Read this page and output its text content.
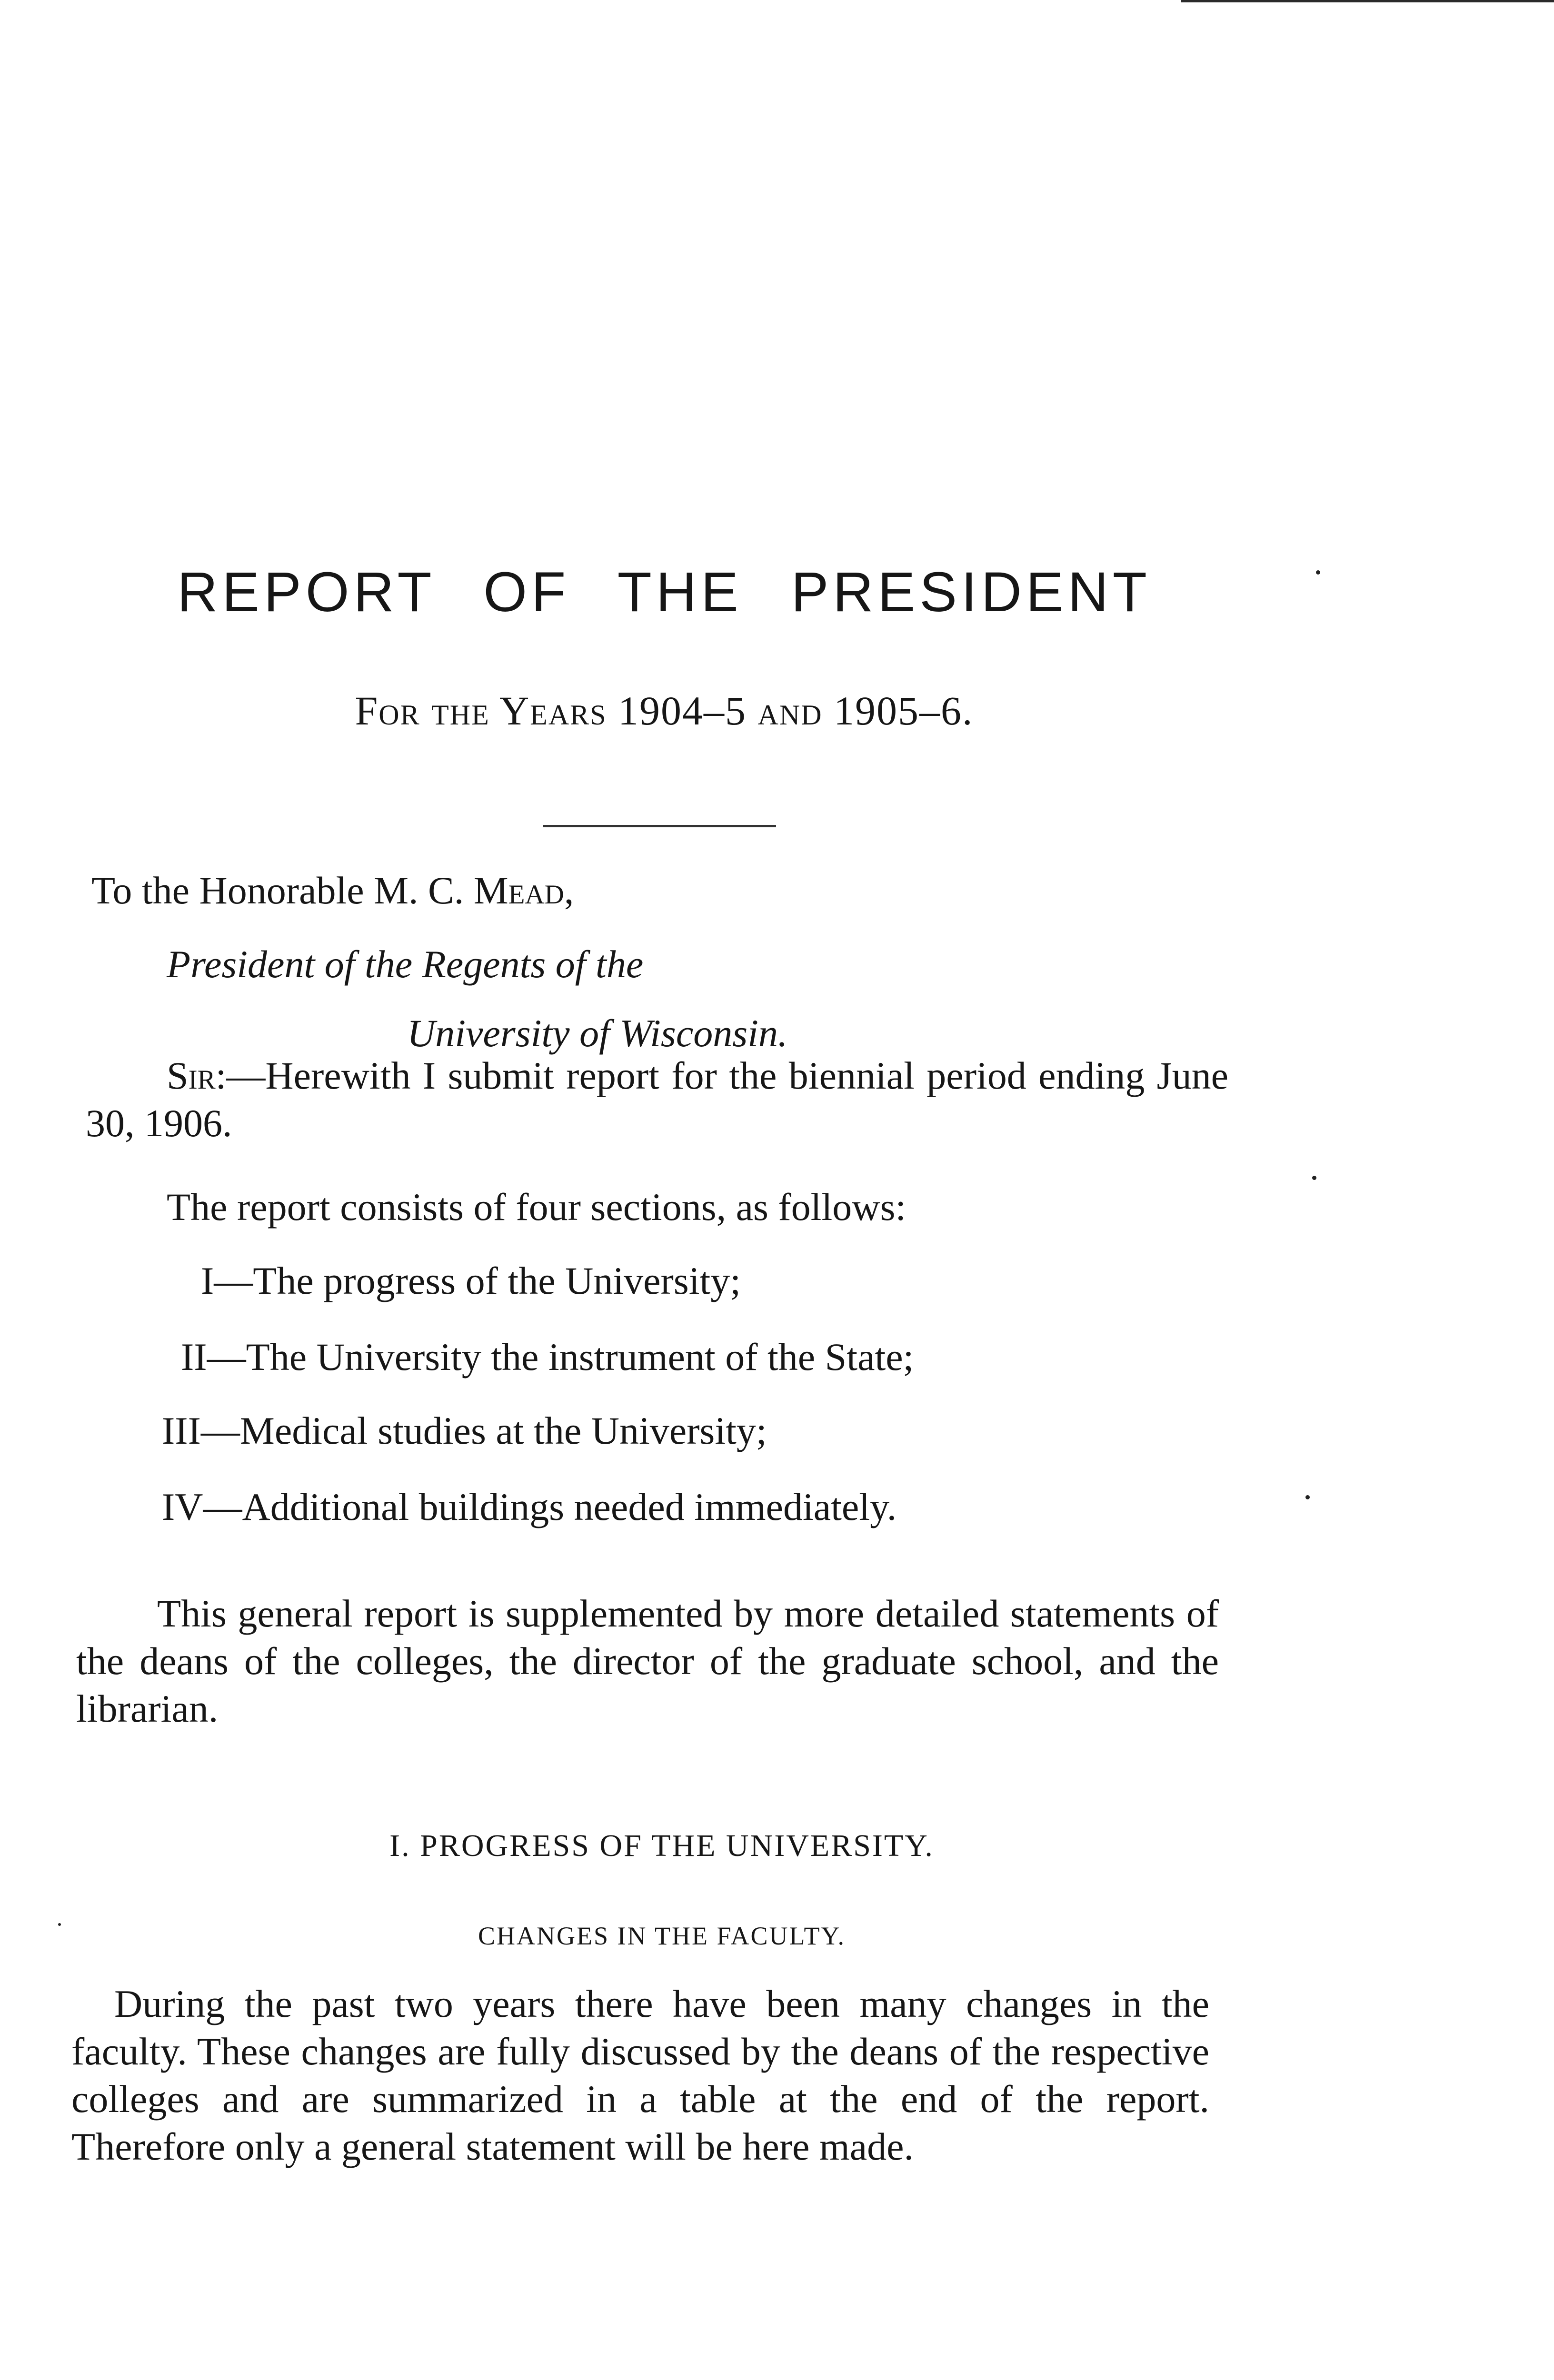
REPORT OF THE PRESIDENT
For the Years 1904–5 and 1905–6.
To the Honorable M. C. Mead,
President of the Regents of the
University of Wisconsin.
Sir:—Herewith I submit report for the biennial period ending June 30, 1906.
The report consists of four sections, as follows:
I—The progress of the University;
II—The University the instrument of the State;
III—Medical studies at the University;
IV—Additional buildings needed immediately.
This general report is supplemented by more detailed statements of the deans of the colleges, the director of the graduate school, and the librarian.
I. PROGRESS OF THE UNIVERSITY.
CHANGES IN THE FACULTY.
During the past two years there have been many changes in the faculty. These changes are fully discussed by the deans of the respective colleges and are summarized in a table at the end of the report. Therefore only a general statement will be here made.
